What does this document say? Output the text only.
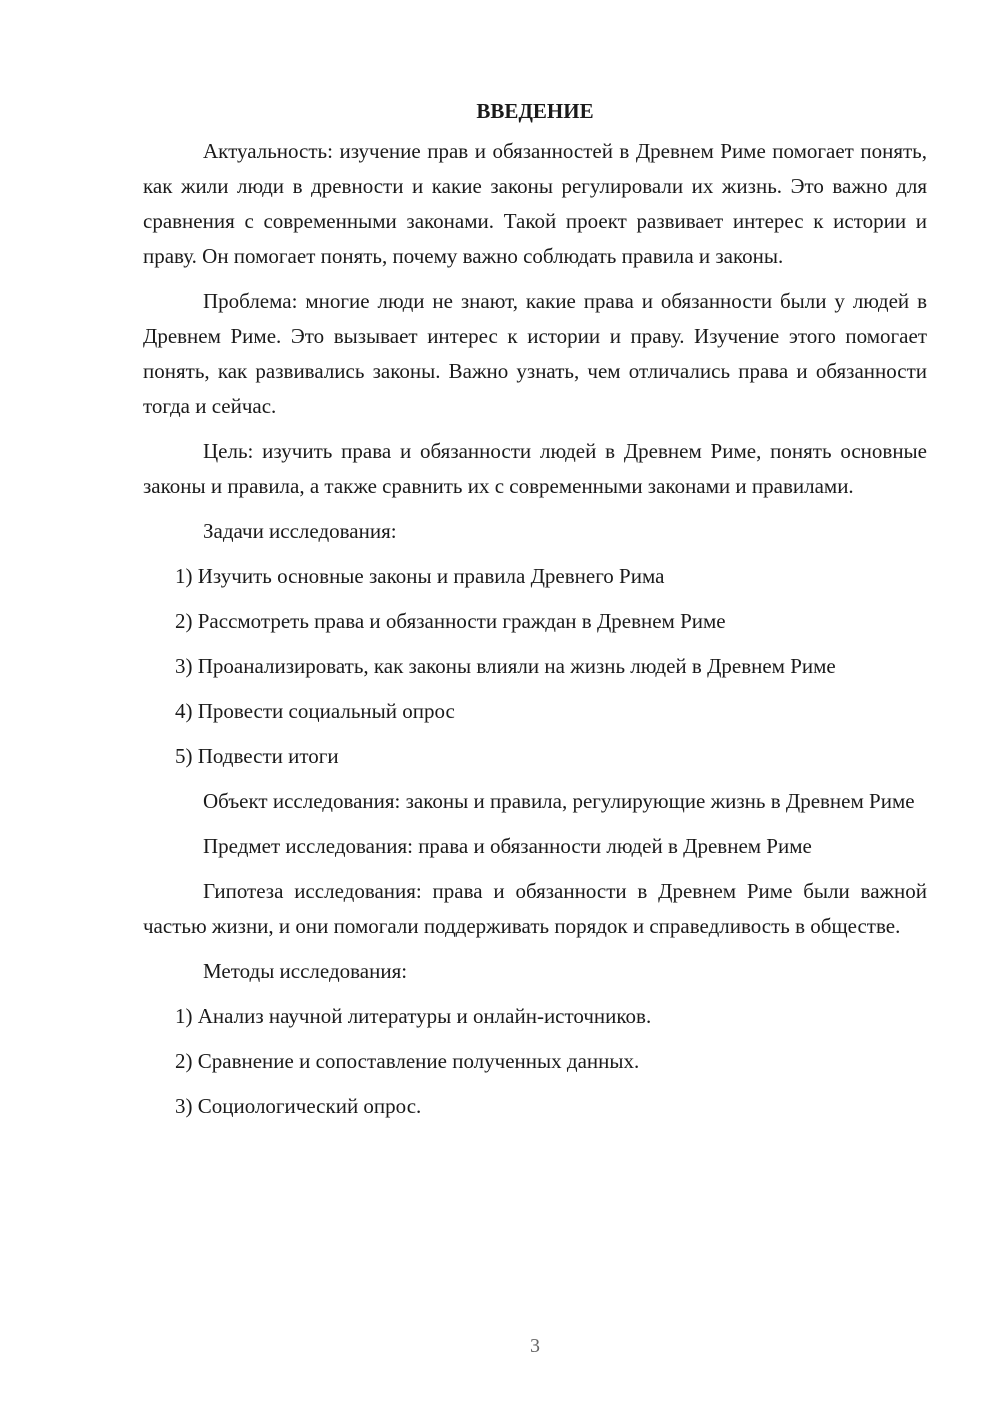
ВВЕДЕНИЕ

Актуальность: изучение прав и обязанностей в Древнем Риме помогает понять, как жили люди в древности и какие законы регулировали их жизнь. Это важно для сравнения с современными законами. Такой проект развивает интерес к истории и праву. Он помогает понять, почему важно соблюдать правила и законы.

Проблема: многие люди не знают, какие права и обязанности были у людей в Древнем Риме. Это вызывает интерес к истории и праву. Изучение этого помогает понять, как развивались законы. Важно узнать, чем отличались права и обязанности тогда и сейчас.

Цель: изучить права и обязанности людей в Древнем Риме, понять основные законы и правила, а также сравнить их с современными законами и правилами.

Задачи исследования:

1) Изучить основные законы и правила Древнего Рима

2) Рассмотреть права и обязанности граждан в Древнем Риме

3) Проанализировать, как законы влияли на жизнь людей в Древнем Риме

4) Провести социальный опрос

5) Подвести итоги

Объект исследования: законы и правила, регулирующие жизнь в Древнем Риме

Предмет исследования: права и обязанности людей в Древнем Риме

Гипотеза исследования: права и обязанности в Древнем Риме были важной частью жизни, и они помогали поддерживать порядок и справедливость в обществе.

Методы исследования:

1) Анализ научной литературы и онлайн-источников.

2) Сравнение и сопоставление полученных данных.

3) Социологический опрос.

3
